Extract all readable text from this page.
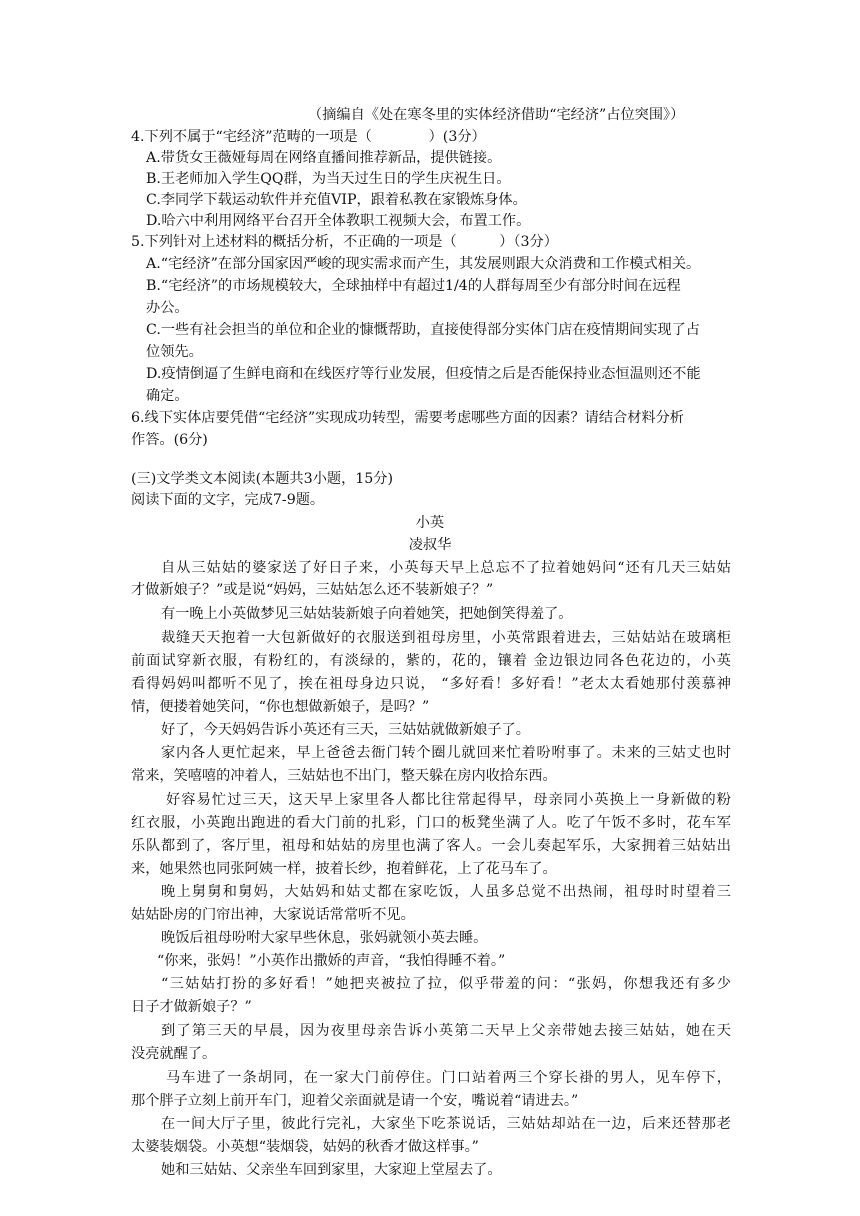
（摘编自《处在寒冬里的实体经济借助“宅经济”占位突围》）
4.下列不属于“宅经济”范畴的一项是（　　　　）(3分）
A.带货女王薇娅每周在网络直播间推荐新品，提供链接。
B.王老师加入学生QQ群，为当天过生日的学生庆祝生日。
C.李同学下载运动软件并充值VIP，跟着私教在家锻炼身体。
D.哈六中利用网络平台召开全体教职工视频大会，布置工作。
5.下列针对上述材料的概括分析，不正确的一项是（　　　）（3分）
A.“宅经济”在部分国家因严峻的现实需求而产生，其发展则跟大众消费和工作模式相关。
B.“宅经济”的市场规模较大，全球抽样中有超过1/4的人群每周至少有部分时间在远程
办公。
C.一些有社会担当的单位和企业的慷慨帮助，直接使得部分实体门店在疫情期间实现了占
位领先。
D.疫情倒逼了生鲜电商和在线医疗等行业发展，但疫情之后是否能保持业态恒温则还不能
确定。
6.线下实体店要凭借“宅经济”实现成功转型，需要考虑哪些方面的因素？请结合材料分析
作答。(6分)
(三)文学类文本阅读(本题共3小题，15分)
阅读下面的文字，完成7-9题。
小英
凌叔华
自从三姑姑的婆家送了好日子来，小英每天早上总忘不了拉着她妈问“还有几天三姑姑
才做新娘子？”或是说“妈妈，三姑姑怎么还不装新娘子？”
有一晚上小英做梦见三姑姑装新娘子向着她笑，把她倒笑得羞了。
裁缝天天抱着一大包新做好的衣服送到祖母房里，小英常跟着进去，三姑姑站在玻璃柜
前面试穿新衣服，有粉红的，有淡绿的，紫的，花的，镶着 金边银边同各色花边的，小英
看得妈妈叫都听不见了，挨在祖母身边只说， “多好看！多好看！”老太太看她那付羡慕神
情，便搂着她笑问，“你也想做新娘子，是吗？”
好了，今天妈妈告诉小英还有三天，三姑姑就做新娘子了。
家内各人更忙起来，早上爸爸去衙门转个圈儿就回来忙着吩咐事了。未来的三姑丈也时
常来，笑嘻嘻的冲着人，三姑姑也不出门，整天躲在房内收拾东西。
好容易忙过三天，这天早上家里各人都比往常起得早，母亲同小英换上一身新做的粉
红衣服，小英跑出跑进的看大门前的扎彩，门口的板凳坐满了人。吃了午饭不多时，花车军
乐队都到了，客厅里，祖母和姑姑的房里也满了客人。一会儿奏起军乐，大家拥着三姑姑出
来，她果然也同张阿姨一样，披着长纱，抱着鲜花，上了花马车了。
晚上舅舅和舅妈，大姑妈和姑丈都在家吃饭，人虽多总觉不出热闹，祖母时时望着三
姑姑卧房的门帘出神，大家说话常常听不见。
晚饭后祖母吩咐大家早些休息，张妈就领小英去睡。
“你来，张妈！”小英作出撒娇的声音，“我怕得睡不着。”
“三姑姑打扮的多好看！”她把夹被拉了拉，似乎带羞的问：“张妈，你想我还有多少
日子才做新娘子？”
到了第三天的早晨，因为夜里母亲告诉小英第二天早上父亲带她去接三姑姑，她在天
没亮就醒了。
马车进了一条胡同，在一家大门前停住。门口站着两三个穿长褂的男人，见车停下，
那个胖子立刻上前开车门，迎着父亲面就是请一个安，嘴说着“请进去。”
在一间大厅子里，彼此行完礼，大家坐下吃茶说话，三姑姑却站在一边，后来还替那老
太婆装烟袋。小英想“装烟袋，姑妈的秋香才做这样事。”
她和三姑姑、父亲坐车回到家里，大家迎上堂屋去了。
